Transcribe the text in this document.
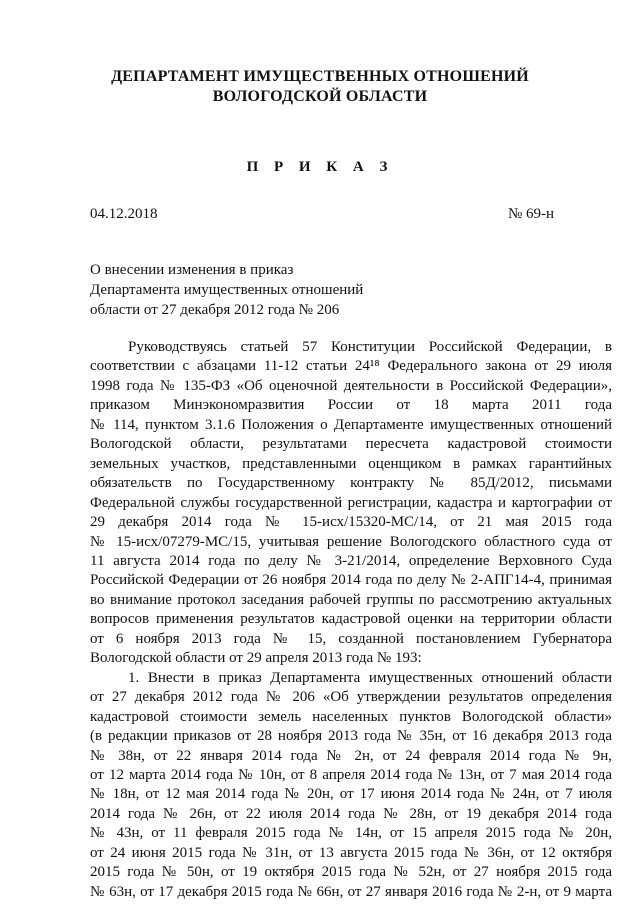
ДЕПАРТАМЕНТ ИМУЩЕСТВЕННЫХ ОТНОШЕНИЙ
ВОЛОГОДСКОЙ ОБЛАСТИ
П Р И К А З
04.12.2018	№ 69-н
О внесении изменения в приказ
Департамента имущественных отношений
области от 27 декабря 2012 года № 206
Руководствуясь статьей 57 Конституции Российской Федерации, в
соответствии с абзацами 11-12 статьи 24¹⁸ Федерального закона от 29 июля
1998 года № 135-ФЗ «Об оценочной деятельности в Российской Федерации»,
приказом Минэкономразвития России от 18 марта 2011 года
№ 114, пунктом 3.1.6 Положения о Департаменте имущественных отношений
Вологодской области, результатами пересчета кадастровой стоимости
земельных участков, представленными оценщиком в рамках гарантийных
обязательств по Государственному контракту № 85Д/2012, письмами
Федеральной службы государственной регистрации, кадастра и картографии от
29 декабря 2014 года № 15-исх/15320-МС/14, от 21 мая 2015 года
№ 15-исх/07279-МС/15, учитывая решение Вологодского областного суда от
11 августа 2014 года по делу № 3-21/2014, определение Верховного Суда
Российской Федерации от 26 ноября 2014 года по делу № 2-АПГ14-4, принимая
во внимание протокол заседания рабочей группы по рассмотрению актуальных
вопросов применения результатов кадастровой оценки на территории области
от 6 ноября 2013 года № 15, созданной постановлением Губернатора
Вологодской области от 29 апреля 2013 года № 193:
1. Внести в приказ Департамента имущественных отношений области
от 27 декабря 2012 года № 206 «Об утверждении результатов определения
кадастровой стоимости земель населенных пунктов Вологодской области»
(в редакции приказов от 28 ноября 2013 года № 35н, от 16 декабря 2013 года
№ 38н, от 22 января 2014 года № 2н, от 24 февраля 2014 года № 9н,
от 12 марта 2014 года № 10н, от 8 апреля 2014 года № 13н, от 7 мая 2014 года
№ 18н, от 12 мая 2014 года № 20н, от 17 июня 2014 года № 24н, от 7 июля
2014 года № 26н, от 22 июля 2014 года № 28н, от 19 декабря 2014 года
№ 43н, от 11 февраля 2015 года № 14н, от 15 апреля 2015 года № 20н,
от 24 июня 2015 года № 31н, от 13 августа 2015 года № 36н, от 12 октября
2015 года № 50н, от 19 октября 2015 года № 52н, от 27 ноября 2015 года
№ 63н, от 17 декабря 2015 года № 66н, от 27 января 2016 года № 2-н, от 9 марта
